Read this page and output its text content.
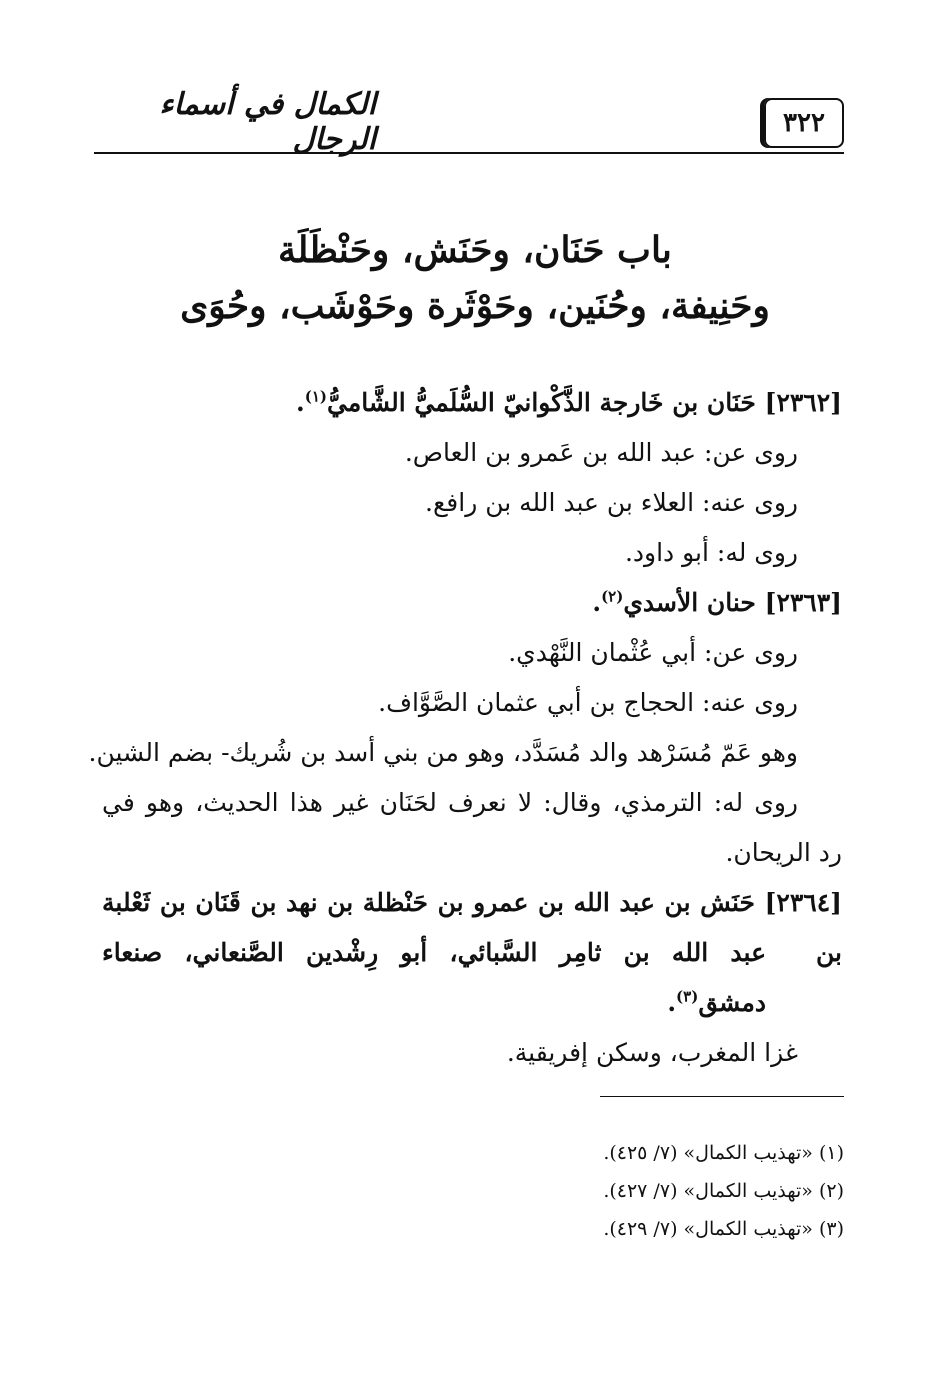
٣٢٢
الكمال في أسماء الرجال
باب حَنَان، وحَنَش، وحَنْظَلَة
وحَنِيفة، وحُنَين، وحَوْثَرة وحَوْشَب، وحُوَى
[٢٣٦٢] حَنَان بن خَارجة الذَّكْوانيّ السُّلَميُّ الشَّاميُّ$^{(١)}$.
روى عن: عبد الله بن عَمرو بن العاص.
روى عنه: العلاء بن عبد الله بن رافع.
روى له: أبو داود.
[٢٣٦٣] حنان الأسدي$^{(٢)}$.
روى عن: أبي عُثْمان النَّهْدي.
روى عنه: الحجاج بن أبي عثمان الصَّوَّاف.
وهو عَمّ مُسَرْهد والد مُسَدَّد، وهو من بني أسد بن شُريك- بضم الشين.
روى له: الترمذي، وقال: لا نعرف لحَنَان غير هذا الحديث، وهو في
رد الريحان.
[٢٣٦٤] حَنَش بن عبد الله بن عمرو بن حَنْظلة بن نهد بن قَنَان بن ثَعْلبة بن
عبد الله بن ثامِر السَّبائي، أبو رِشْدين الصَّنعاني، صنعاء
دمشق$^{(٣)}$.
غزا المغرب، وسكن إفريقية.
(١) «تهذيب الكمال» (٧/ ٤٢٥).
(٢) «تهذيب الكمال» (٧/ ٤٢٧).
(٣) «تهذيب الكمال» (٧/ ٤٢٩).
